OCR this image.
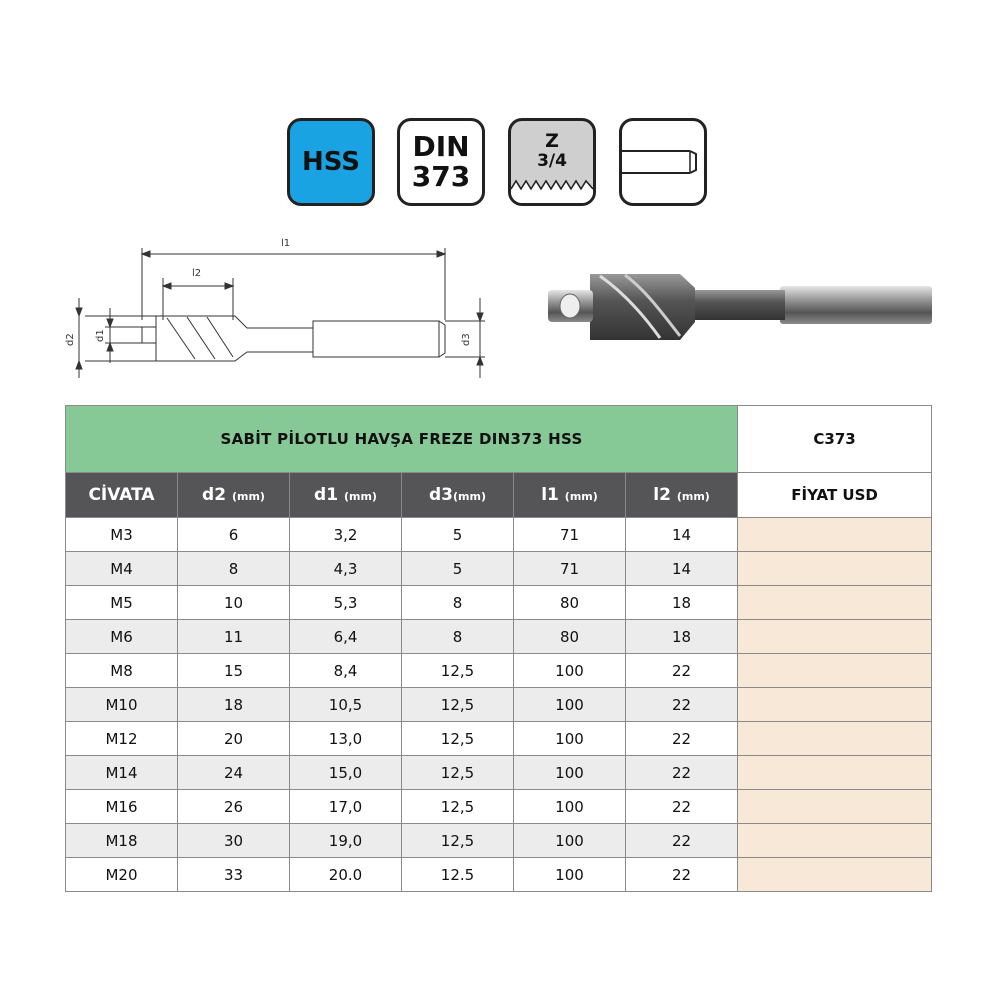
HSS DIN
373
Z
3/4
l1
l2
d2 d1	d3
SABİT PİLOTLU HAVŞA FREZE DIN373 HSS						C373
CİVATA	d2 (mm)	d1 (mm)	d3(mm)	l1 (mm)	l2 (mm)	FİYAT USD
M3	6	3,2	5	71	14	
M4	8	4,3	5	71	14	
M5	10	5,3	8	80	18	
M6	11	6,4	8	80	18	
M8	15	8,4	12,5	100	22	
M10	18	10,5	12,5	100	22	
M12	20	13,0	12,5	100	22	
M14	24	15,0	12,5	100	22	
M16	26	17,0	12,5	100	22	
M18	30	19,0	12,5	100	22	
M20	33	20.0	12.5	100	22	
